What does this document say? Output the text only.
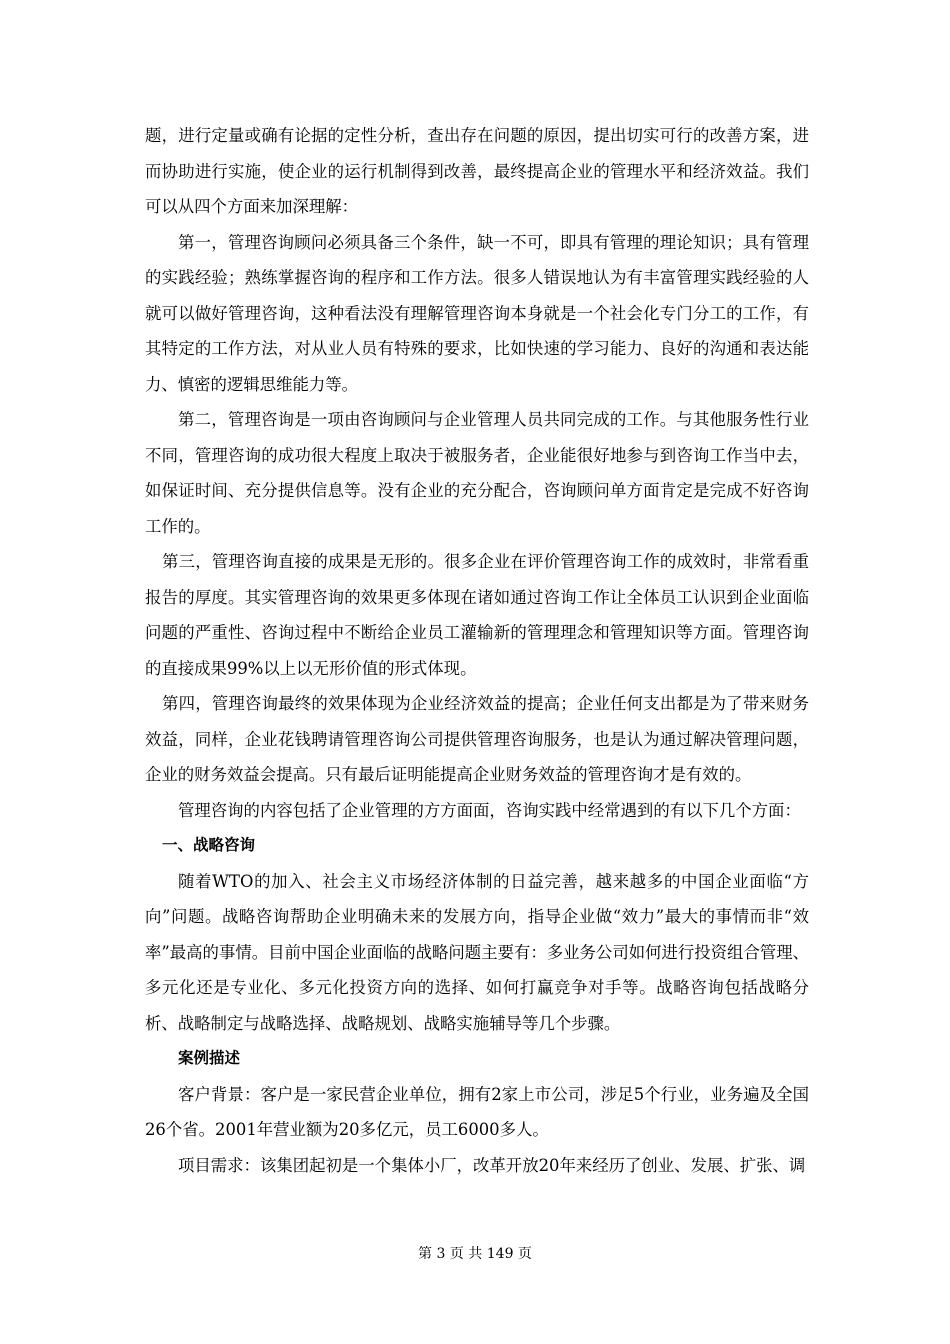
题，进行定量或确有论据的定性分析，查出存在问题的原因，提出切实可行的改善方案，进而协助进行实施，使企业的运行机制得到改善，最终提高企业的管理水平和经济效益。我们可以从四个方面来加深理解：

第一，管理咨询顾问必须具备三个条件，缺一不可，即具有管理的理论知识；具有管理的实践经验；熟练掌握咨询的程序和工作方法。很多人错误地认为有丰富管理实践经验的人就可以做好管理咨询，这种看法没有理解管理咨询本身就是一个社会化专门分工的工作，有其特定的工作方法，对从业人员有特殊的要求，比如快速的学习能力、良好的沟通和表达能力、慎密的逻辑思维能力等。

第二，管理咨询是一项由咨询顾问与企业管理人员共同完成的工作。与其他服务性行业不同，管理咨询的成功很大程度上取决于被服务者，企业能很好地参与到咨询工作当中去，如保证时间、充分提供信息等。没有企业的充分配合，咨询顾问单方面肯定是完成不好咨询工作的。

第三，管理咨询直接的成果是无形的。很多企业在评价管理咨询工作的成效时，非常看重报告的厚度。其实管理咨询的效果更多体现在诸如通过咨询工作让全体员工认识到企业面临问题的严重性、咨询过程中不断给企业员工灌输新的管理理念和管理知识等方面。管理咨询的直接成果99%以上以无形价值的形式体现。

第四，管理咨询最终的效果体现为企业经济效益的提高；企业任何支出都是为了带来财务效益，同样，企业花钱聘请管理咨询公司提供管理咨询服务，也是认为通过解决管理问题，企业的财务效益会提高。只有最后证明能提高企业财务效益的管理咨询才是有效的。

管理咨询的内容包括了企业管理的方方面面，咨询实践中经常遇到的有以下几个方面：

一、战略咨询

随着WTO的加入、社会主义市场经济体制的日益完善，越来越多的中国企业面临“方向”问题。战略咨询帮助企业明确未来的发展方向，指导企业做“效力”最大的事情而非“效率”最高的事情。目前中国企业面临的战略问题主要有：多业务公司如何进行投资组合管理、多元化还是专业化、多元化投资方向的选择、如何打赢竞争对手等。战略咨询包括战略分析、战略制定与战略选择、战略规划、战略实施辅导等几个步骤。

案例描述

客户背景：客户是一家民营企业单位，拥有2家上市公司，涉足5个行业，业务遍及全国26个省。2001年营业额为20多亿元，员工6000多人。

项目需求：该集团起初是一个集体小厂，改革开放20年来经历了创业、发展、扩张、调

第 3 页 共 149 页
